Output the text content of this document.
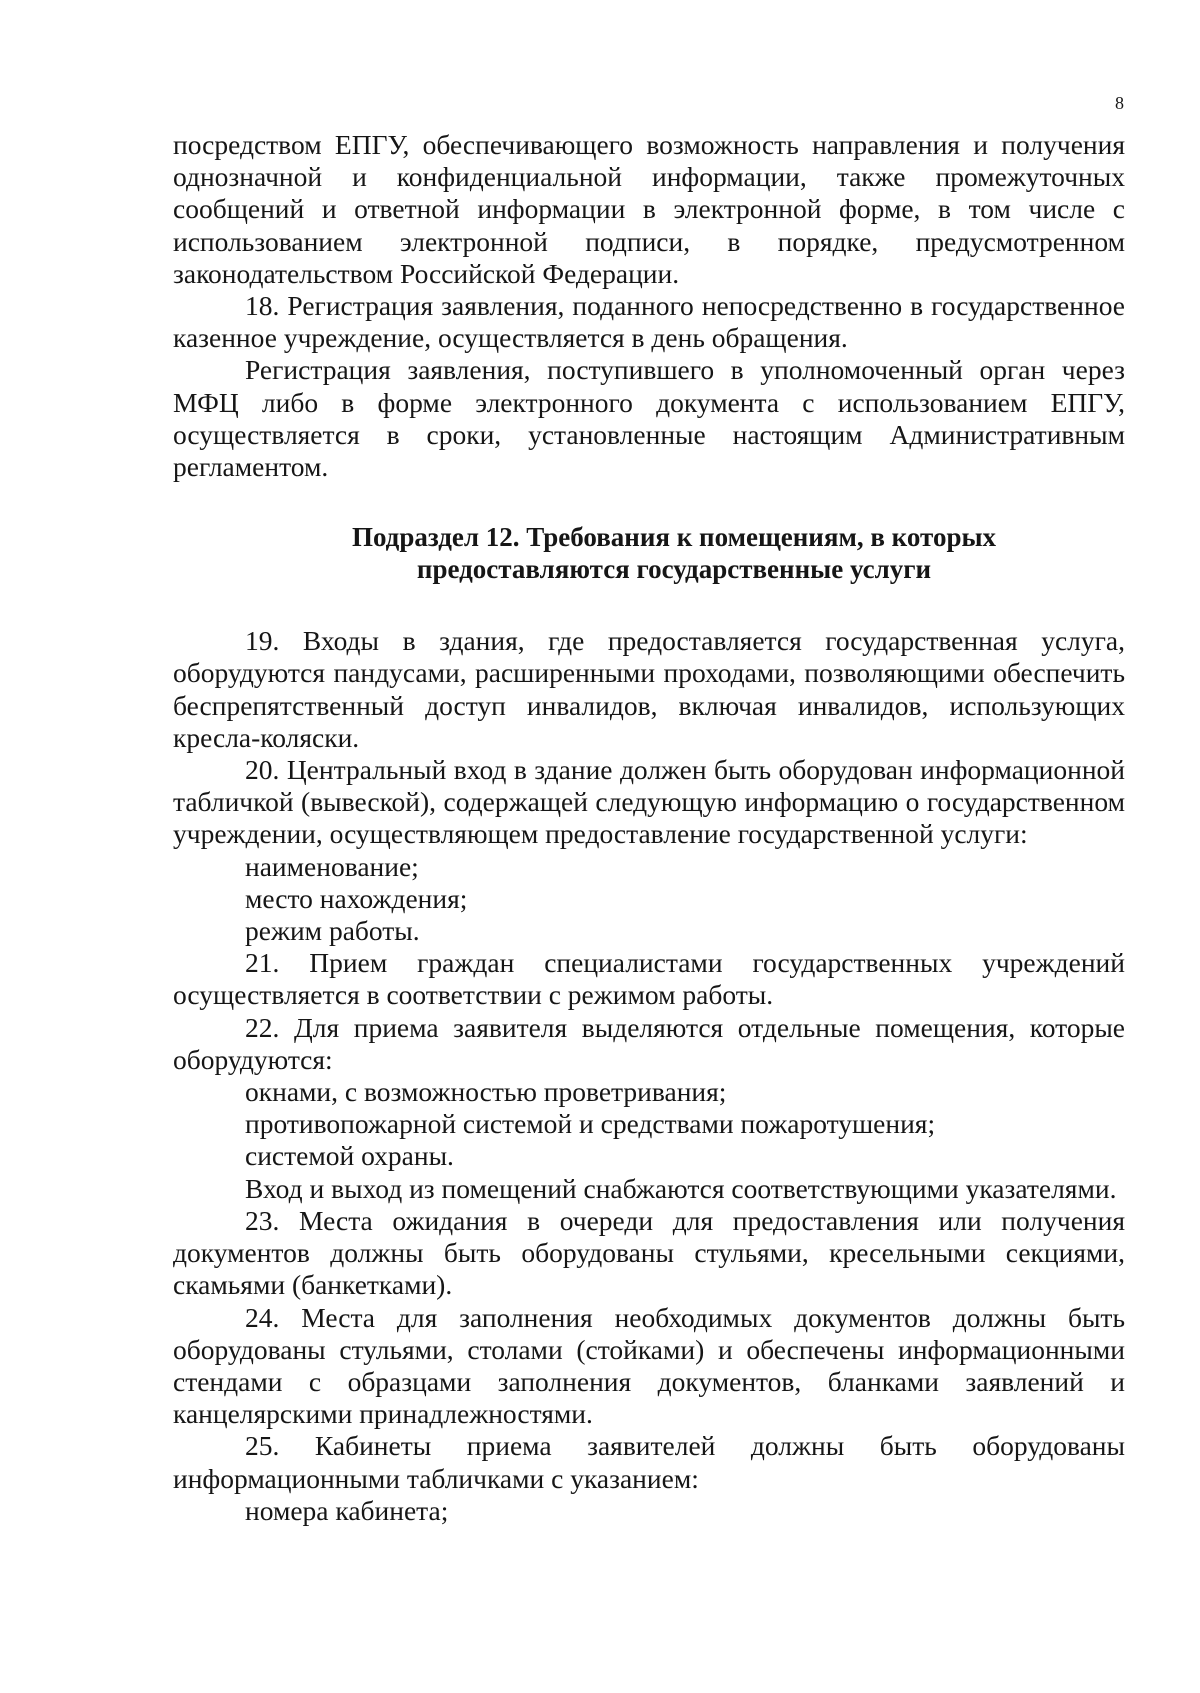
8

посредством ЕПГУ, обеспечивающего возможность направления и получения однозначной и конфиденциальной информации, также промежуточных сообщений и ответной информации в электронной форме, в том числе с использованием электронной подписи, в порядке, предусмотренном законодательством Российской Федерации.

18. Регистрация заявления, поданного непосредственно в государственное казенное учреждение, осуществляется в день обращения.

Регистрация заявления, поступившего в уполномоченный орган через МФЦ либо в форме электронного документа с использованием ЕПГУ, осуществляется в сроки, установленные настоящим Административным регламентом.

Подраздел 12. Требования к помещениям, в которых
предоставляются государственные услуги

19. Входы в здания, где предоставляется государственная услуга, оборудуются пандусами, расширенными проходами, позволяющими обеспечить беспрепятственный доступ инвалидов, включая инвалидов, использующих кресла-коляски.

20. Центральный вход в здание должен быть оборудован информационной табличкой (вывеской), содержащей следующую информацию о государственном учреждении, осуществляющем предоставление государственной услуги:

наименование;

место нахождения;

режим работы.

21. Прием граждан специалистами государственных учреждений осуществляется в соответствии с режимом работы.

22. Для приема заявителя выделяются отдельные помещения, которые оборудуются:

окнами, с возможностью проветривания;

противопожарной системой и средствами пожаротушения;

системой охраны.

Вход и выход из помещений снабжаются соответствующими указателями.

23. Места ожидания в очереди для предоставления или получения документов должны быть оборудованы стульями, кресельными секциями, скамьями (банкетками).

24. Места для заполнения необходимых документов должны быть оборудованы стульями, столами (стойками) и обеспечены информационными стендами с образцами заполнения документов, бланками заявлений и канцелярскими принадлежностями.

25. Кабинеты приема заявителей должны быть оборудованы информационными табличками с указанием:

номера кабинета;
